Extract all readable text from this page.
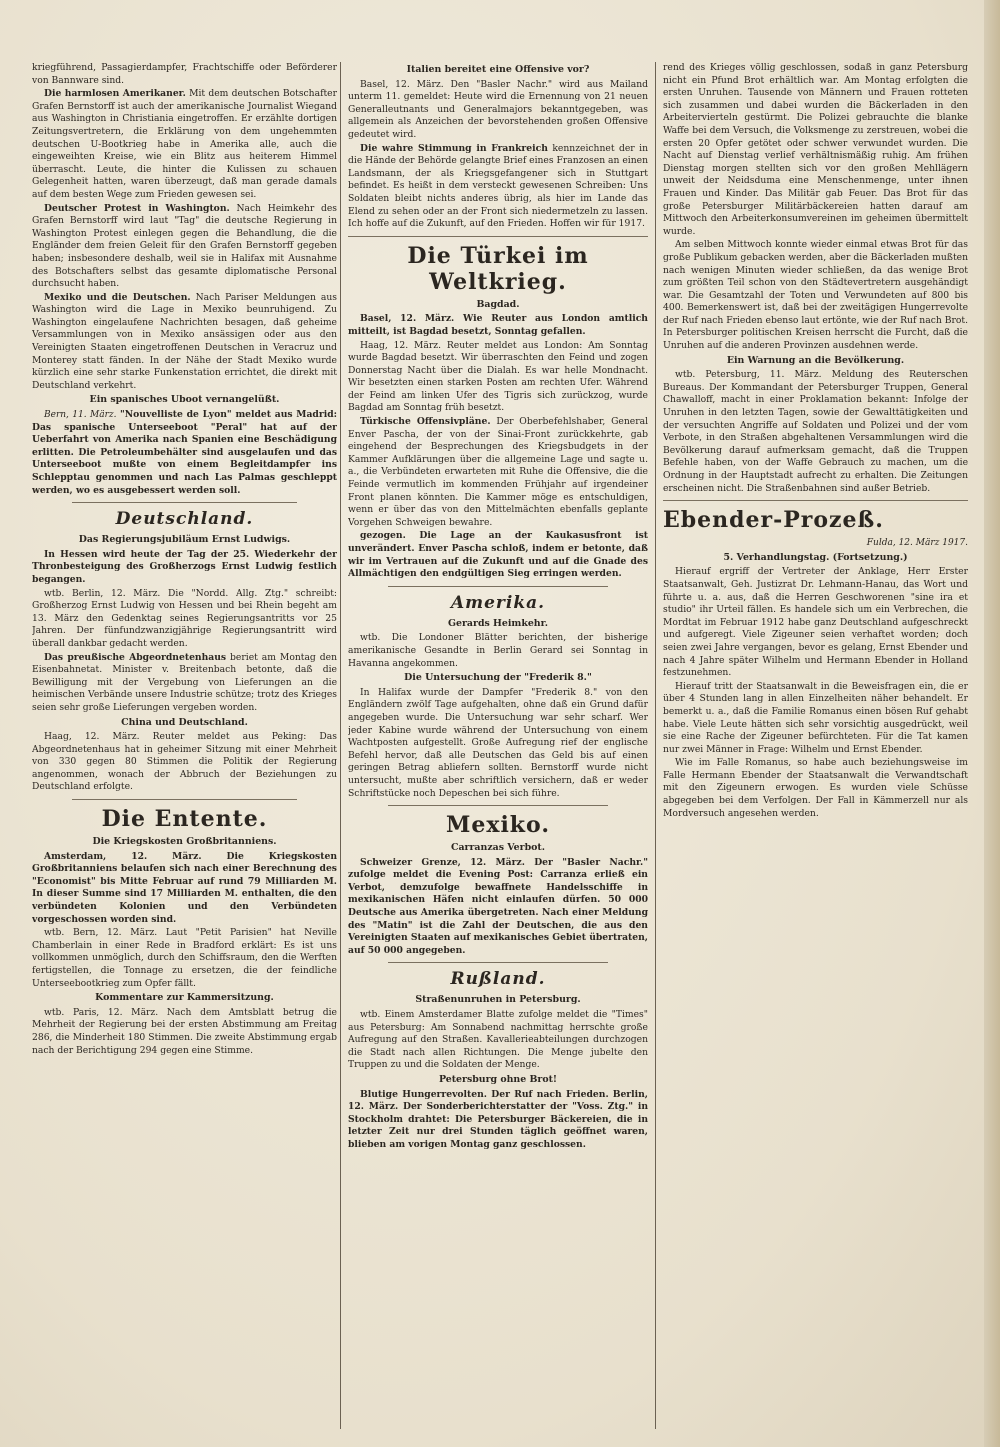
kriegführend, Passagierdampfer, Frachtschiffe oder Beförderer von Bannware sind.

Die harmlosen Amerikaner. Mit dem deutschen Botschafter Grafen Bernstorff ist auch der amerikanische Journalist Wiegand aus Washington in Christiania eingetroffen. Er erzählte dortigen Zeitungsvertretern, die Erklärung von dem ungehemmten deutschen U-Bootkrieg habe in Amerika alle, auch die eingeweihten Kreise, wie ein Blitz aus heiterem Himmel überrascht. Leute, die hinter die Kulissen zu schauen Gelegenheit hatten, waren überzeugt, daß man gerade damals auf dem besten Wege zum Frieden gewesen sei.

Deutscher Protest in Washington. Nach Heimkehr des Grafen Bernstorff wird laut "Tag" die deutsche Regierung in Washington Protest einlegen gegen die Behandlung, die die Engländer dem freien Geleit für den Grafen Bernstorff gegeben haben; insbesondere deshalb, weil sie in Halifax mit Ausnahme des Botschafters selbst das gesamte diplomatische Personal durchsucht haben.

Mexiko und die Deutschen. Nach Pariser Meldungen aus Washington wird die Lage in Mexiko beunruhigend. Zu Washington eingelaufene Nachrichten besagen, daß geheime Versammlungen von in Mexiko ansässigen oder aus den Vereinigten Staaten eingetroffenen Deutschen in Veracruz und Monterey statt fänden. In der Nähe der Stadt Mexiko wurde kürzlich eine sehr starke Funkenstation errichtet, die direkt mit Deutschland verkehrt.

Ein spanisches Uboot vernangelüßt.

Bern, 11. März. "Nouvelliste de Lyon" meldet aus Madrid: Das spanische Unterseeboot "Peral" hat auf der Ueberfahrt von Amerika nach Spanien eine Beschädigung erlitten. Die Petroleumbehälter sind ausgelaufen und das Unterseeboot mußte von einem Begleitdampfer ins Schlepptau genommen und nach Las Palmas geschleppt werden, wo es ausgebessert werden soll.

Deutschland.
Das Regierungsjubiläum Ernst Ludwigs.

In Hessen wird heute der Tag der 25. Wiederkehr der Thronbesteigung des Großherzogs Ernst Ludwig festlich begangen.

wtb. Berlin, 12. März. Die "Nordd. Allg. Ztg." schreibt: Großherzog Ernst Ludwig von Hessen und bei Rhein begeht am 13. März den Gedenktag seines Regierungsantritts vor 25 Jahren. Der fünfundzwanzigjährige Regierungsantritt wird überall dankbar gedacht werden.

Das preußische Abgeordnetenhaus beriet am Montag den Eisenbahnetat. Minister v. Breitenbach betonte, daß die Bewilligung mit der Vergebung von Lieferungen an die heimischen Verbände unsere Industrie schütze; trotz des Krieges seien sehr große Lieferungen vergeben worden.

China und Deutschland.

Haag, 12. März. Reuter meldet aus Peking: Das Abgeordnetenhaus hat in geheimer Sitzung mit einer Mehrheit von 330 gegen 80 Stimmen die Politik der Regierung angenommen, wonach der Abbruch der Beziehungen zu Deutschland erfolgte.

Die Entente.
Die Kriegskosten Großbritanniens.

Amsterdam, 12. März. Die Kriegskosten Großbritanniens belaufen sich nach einer Berechnung des "Economist" bis Mitte Februar auf rund 79 Milliarden M. In dieser Summe sind 17 Milliarden M. enthalten, die den verbündeten Kolonien und den Verbündeten vorgeschossen worden sind.

wtb. Bern, 12. März. Laut "Petit Parisien" hat Neville Chamberlain in einer Rede in Bradford erklärt: Es ist uns vollkommen unmöglich, durch den Schiffsraum, den die Werften fertigstellen, die Tonnage zu ersetzen, die der feindliche Unterseebootkrieg zum Opfer fällt.

Kommentare zur Kammersitzung.

wtb. Paris, 12. März. Nach dem Amtsblatt betrug die Mehrheit der Regierung bei der ersten Abstimmung am Freitag 286, die Minderheit 180 Stimmen. Die zweite Abstimmung ergab nach der Berichtigung 294 gegen eine Stimme.

Italien bereitet eine Offensive vor?

Basel, 12. März. Den "Basler Nachr." wird aus Mailand unterm 11. gemeldet: Heute wird die Ernennung von 21 neuen Generalleutnants und Generalmajors bekanntgegeben, was allgemein als Anzeichen der bevorstehenden großen Offensive gedeutet wird.

Die wahre Stimmung in Frankreich kennzeichnet der in die Hände der Behörde gelangte Brief eines Franzosen an einen Landsmann, der als Kriegsgefangener sich in Stuttgart befindet. Es heißt in dem versteckt gewesenen Schreiben: Uns Soldaten bleibt nichts anderes übrig, als hier im Lande das Elend zu sehen oder an der Front sich niedermetzeln zu lassen. Ich hoffe auf die Zukunft, auf den Frieden. Hoffen wir für 1917.

Die Türkei im Weltkrieg.
Bagdad.

Basel, 12. März. Wie Reuter aus London amtlich mitteilt, ist Bagdad besetzt, Sonntag gefallen.

Haag, 12. März. Reuter meldet aus London: Am Sonntag wurde Bagdad besetzt. Wir überraschten den Feind und zogen Donnerstag Nacht über die Dialah. Es war helle Mondnacht. Wir besetzten einen starken Posten am rechten Ufer. Während der Feind am linken Ufer des Tigris sich zurückzog, wurde Bagdad am Sonntag früh besetzt.

Türkische Offensivpläne. Der Oberbefehlshaber, General Enver Pascha, der von der Sinai-Front zurückkehrte, gab eingehend der Besprechungen des Kriegsbudgets in der Kammer Aufklärungen über die allgemeine Lage und sagte u. a., die Verbündeten erwarteten mit Ruhe die Offensive, die die Feinde vermutlich im kommenden Frühjahr auf irgendeiner Front planen könnten. Die Kammer möge es entschuldigen, wenn er über das von den Mittelmächten ebenfalls geplante Vorgehen Schweigen bewahre.

gezogen. Die Lage an der Kaukasusfront ist unverändert. Enver Pascha schloß, indem er betonte, daß wir im Vertrauen auf die Zukunft und auf die Gnade des Allmächtigen den endgültigen Sieg erringen werden.

Amerika.
Gerards Heimkehr.

wtb. Die Londoner Blätter berichten, der bisherige amerikanische Gesandte in Berlin Gerard sei Sonntag in Havanna angekommen.

Die Untersuchung der "Frederik 8."

In Halifax wurde der Dampfer "Frederik 8." von den Engländern zwölf Tage aufgehalten, ohne daß ein Grund dafür angegeben wurde. Die Untersuchung war sehr scharf. Wer jeder Kabine wurde während der Untersuchung von einem Wachtposten aufgestellt. Große Aufregung rief der englische Befehl hervor, daß alle Deutschen das Geld bis auf einen geringen Betrag abliefern sollten. Bernstorff wurde nicht untersucht, mußte aber schriftlich versichern, daß er weder Schriftstücke noch Depeschen bei sich führe.

Mexiko.
Carranzas Verbot.

Schweizer Grenze, 12. März. Der "Basler Nachr." zufolge meldet die Evening Post: Carranza erließ ein Verbot, demzufolge bewaffnete Handelsschiffe in mexikanischen Häfen nicht einlaufen dürfen. 50 000 Deutsche aus Amerika übergetreten. Nach einer Meldung des "Matin" ist die Zahl der Deutschen, die aus den Vereinigten Staaten auf mexikanisches Gebiet übertraten, auf 50 000 angegeben.

Rußland.
Straßenunruhen in Petersburg.

wtb. Einem Amsterdamer Blatte zufolge meldet die "Times" aus Petersburg: Am Sonnabend nachmittag herrschte große Aufregung auf den Straßen. Kavallerieabteilungen durchzogen die Stadt nach allen Richtungen. Die Menge jubelte den Truppen zu und die Soldaten der Menge.

Petersburg ohne Brot!

Blutige Hungerrevolten. Der Ruf nach Frieden. Berlin, 12. März. Der Sonderberichterstatter der "Voss. Ztg." in Stockholm drahtet: Die Petersburger Bäckereien, die in letzter Zeit nur drei Stunden täglich geöffnet waren, blieben am vorigen Montag ganz geschlossen.

rend des Krieges völlig geschlossen, sodaß in ganz Petersburg nicht ein Pfund Brot erhältlich war. Am Montag erfolgten die ersten Unruhen. Tausende von Männern und Frauen rotteten sich zusammen und dabei wurden die Bäckerladen in den Arbeitervierteln gestürmt. Die Polizei gebrauchte die blanke Waffe bei dem Versuch, die Volksmenge zu zerstreuen, wobei die ersten 20 Opfer getötet oder schwer verwundet wurden. Die Nacht auf Dienstag verlief verhältnismäßig ruhig. Am frühen Dienstag morgen stellten sich vor den großen Mehllägern unweit der Neidsduma eine Menschenmenge, unter ihnen Frauen und Kinder. Das Militär gab Feuer. Das Brot für das große Petersburger Militärbäckereien hatten darauf am Mittwoch den Arbeiterkonsumvereinen im geheimen übermittelt wurde.

Am selben Mittwoch konnte wieder einmal etwas Brot für das große Publikum gebacken werden, aber die Bäckerladen mußten nach wenigen Minuten wieder schließen, da das wenige Brot zum größten Teil schon von den Städtevertretern ausgehändigt war. Die Gesamtzahl der Toten und Verwundeten auf 800 bis 400. Bemerkenswert ist, daß bei der zweitägigen Hungerrevolte der Ruf nach Frieden ebenso laut ertönte, wie der Ruf nach Brot. In Petersburger politischen Kreisen herrscht die Furcht, daß die Unruhen auf die anderen Provinzen ausdehnen werde.

Ein Warnung an die Bevölkerung.

wtb. Petersburg, 11. März. Meldung des Reuterschen Bureaus. Der Kommandant der Petersburger Truppen, General Chawalloff, macht in einer Proklamation bekannt: Infolge der Unruhen in den letzten Tagen, sowie der Gewalttätigkeiten und der versuchten Angriffe auf Soldaten und Polizei und der vom Verbote, in den Straßen abgehaltenen Versammlungen wird die Bevölkerung darauf aufmerksam gemacht, daß die Truppen Befehle haben, von der Waffe Gebrauch zu machen, um die Ordnung in der Hauptstadt aufrecht zu erhalten. Die Zeitungen erscheinen nicht. Die Straßenbahnen sind außer Betrieb.

Ebender-Prozeß.

Fulda, 12. März 1917.

5. Verhandlungstag. (Fortsetzung.)

Hierauf ergriff der Vertreter der Anklage, Herr Erster Staatsanwalt, Geh. Justizrat Dr. Lehmann-Hanau, das Wort und führte u. a. aus, daß die Herren Geschworenen "sine ira et studio" ihr Urteil fällen. Es handele sich um ein Verbrechen, die Mordtat im Februar 1912 habe ganz Deutschland aufgeschreckt und aufgeregt. Viele Zigeuner seien verhaftet worden; doch seien zwei Jahre vergangen, bevor es gelang, Ernst Ebender und nach 4 Jahre später Wilhelm und Hermann Ebender in Holland festzunehmen.

Hierauf tritt der Staatsanwalt in die Beweisfragen ein, die er über 4 Stunden lang in allen Einzelheiten näher behandelt. Er bemerkt u. a., daß die Familie Romanus einen bösen Ruf gehabt habe. Viele Leute hätten sich sehr vorsichtig ausgedrückt, weil sie eine Rache der Zigeuner befürchteten. Für die Tat kamen nur zwei Männer in Frage: Wilhelm und Ernst Ebender.

Wie im Falle Romanus, so habe auch beziehungsweise im Falle Hermann Ebender der Staatsanwalt die Verwandtschaft mit den Zigeunern erwogen. Es wurden viele Schüsse abgegeben bei dem Verfolgen. Der Fall in Kämmerzell nur als Mordversuch angesehen werden.
